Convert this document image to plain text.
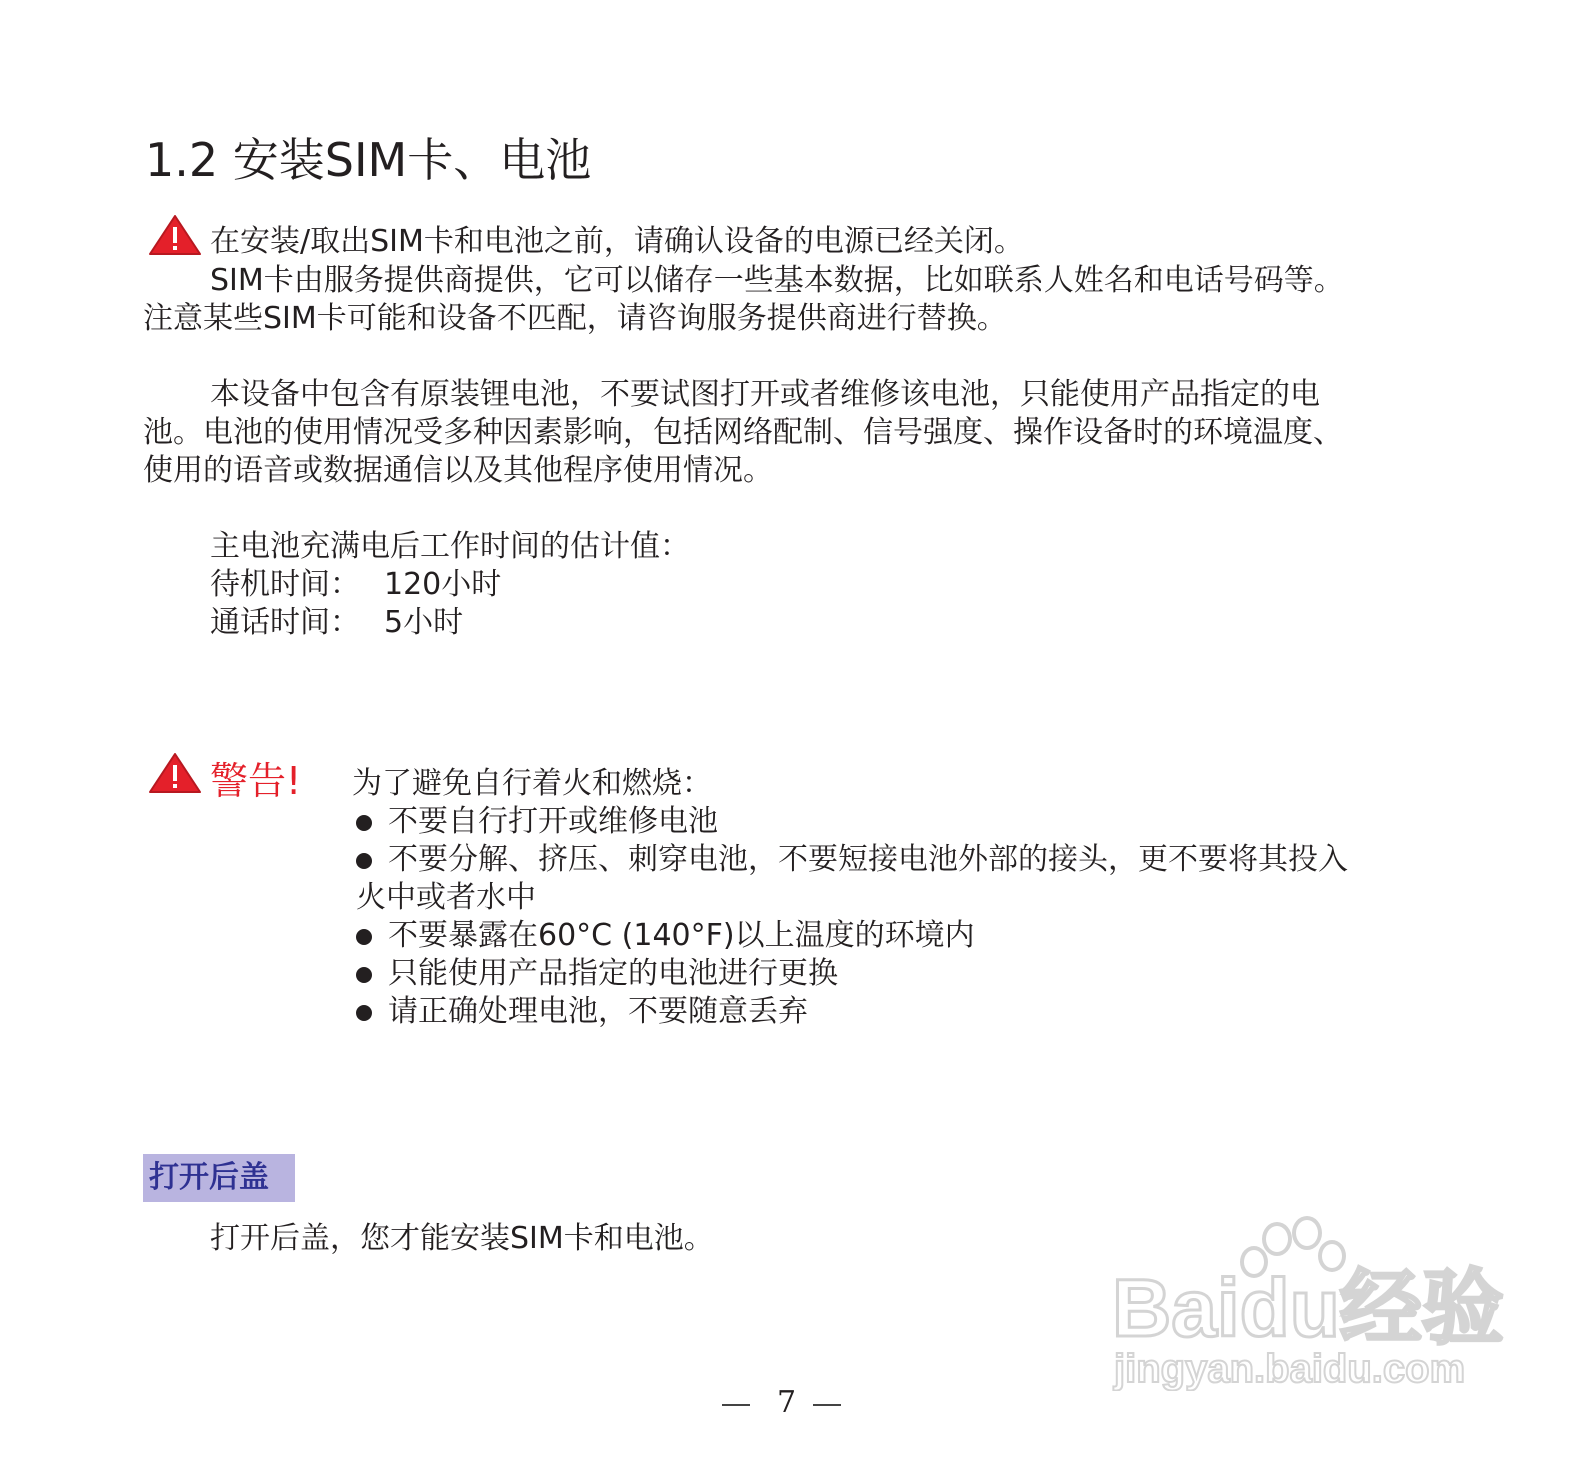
1.2 安装SIM卡、电池
在安装/取出SIM卡和电池之前，请确认设备的电源已经关闭。
SIM卡由服务提供商提供，它可以储存一些基本数据，比如联系人姓名和电话号码等。
注意某些SIM卡可能和设备不匹配，请咨询服务提供商进行替换。
本设备中包含有原装锂电池，不要试图打开或者维修该电池，只能使用产品指定的电
池。电池的使用情况受多种因素影响，包括网络配制、信号强度、操作设备时的环境温度、
使用的语音或数据通信以及其他程序使用情况。
主电池充满电后工作时间的估计值：
待机时间： 120小时
通话时间： 5小时
警告! 为了避免自行着火和燃烧：
不要自行打开或维修电池
不要分解、挤压、刺穿电池，不要短接电池外部的接头，更不要将其投入
火中或者水中
不要暴露在60°C (140°F)以上温度的环境内
只能使用产品指定的电池进行更换
请正确处理电池，不要随意丢弃
打开后盖
打开后盖，您才能安装SIM卡和电池。
Baidu经验
jingyan.baidu.com
7
